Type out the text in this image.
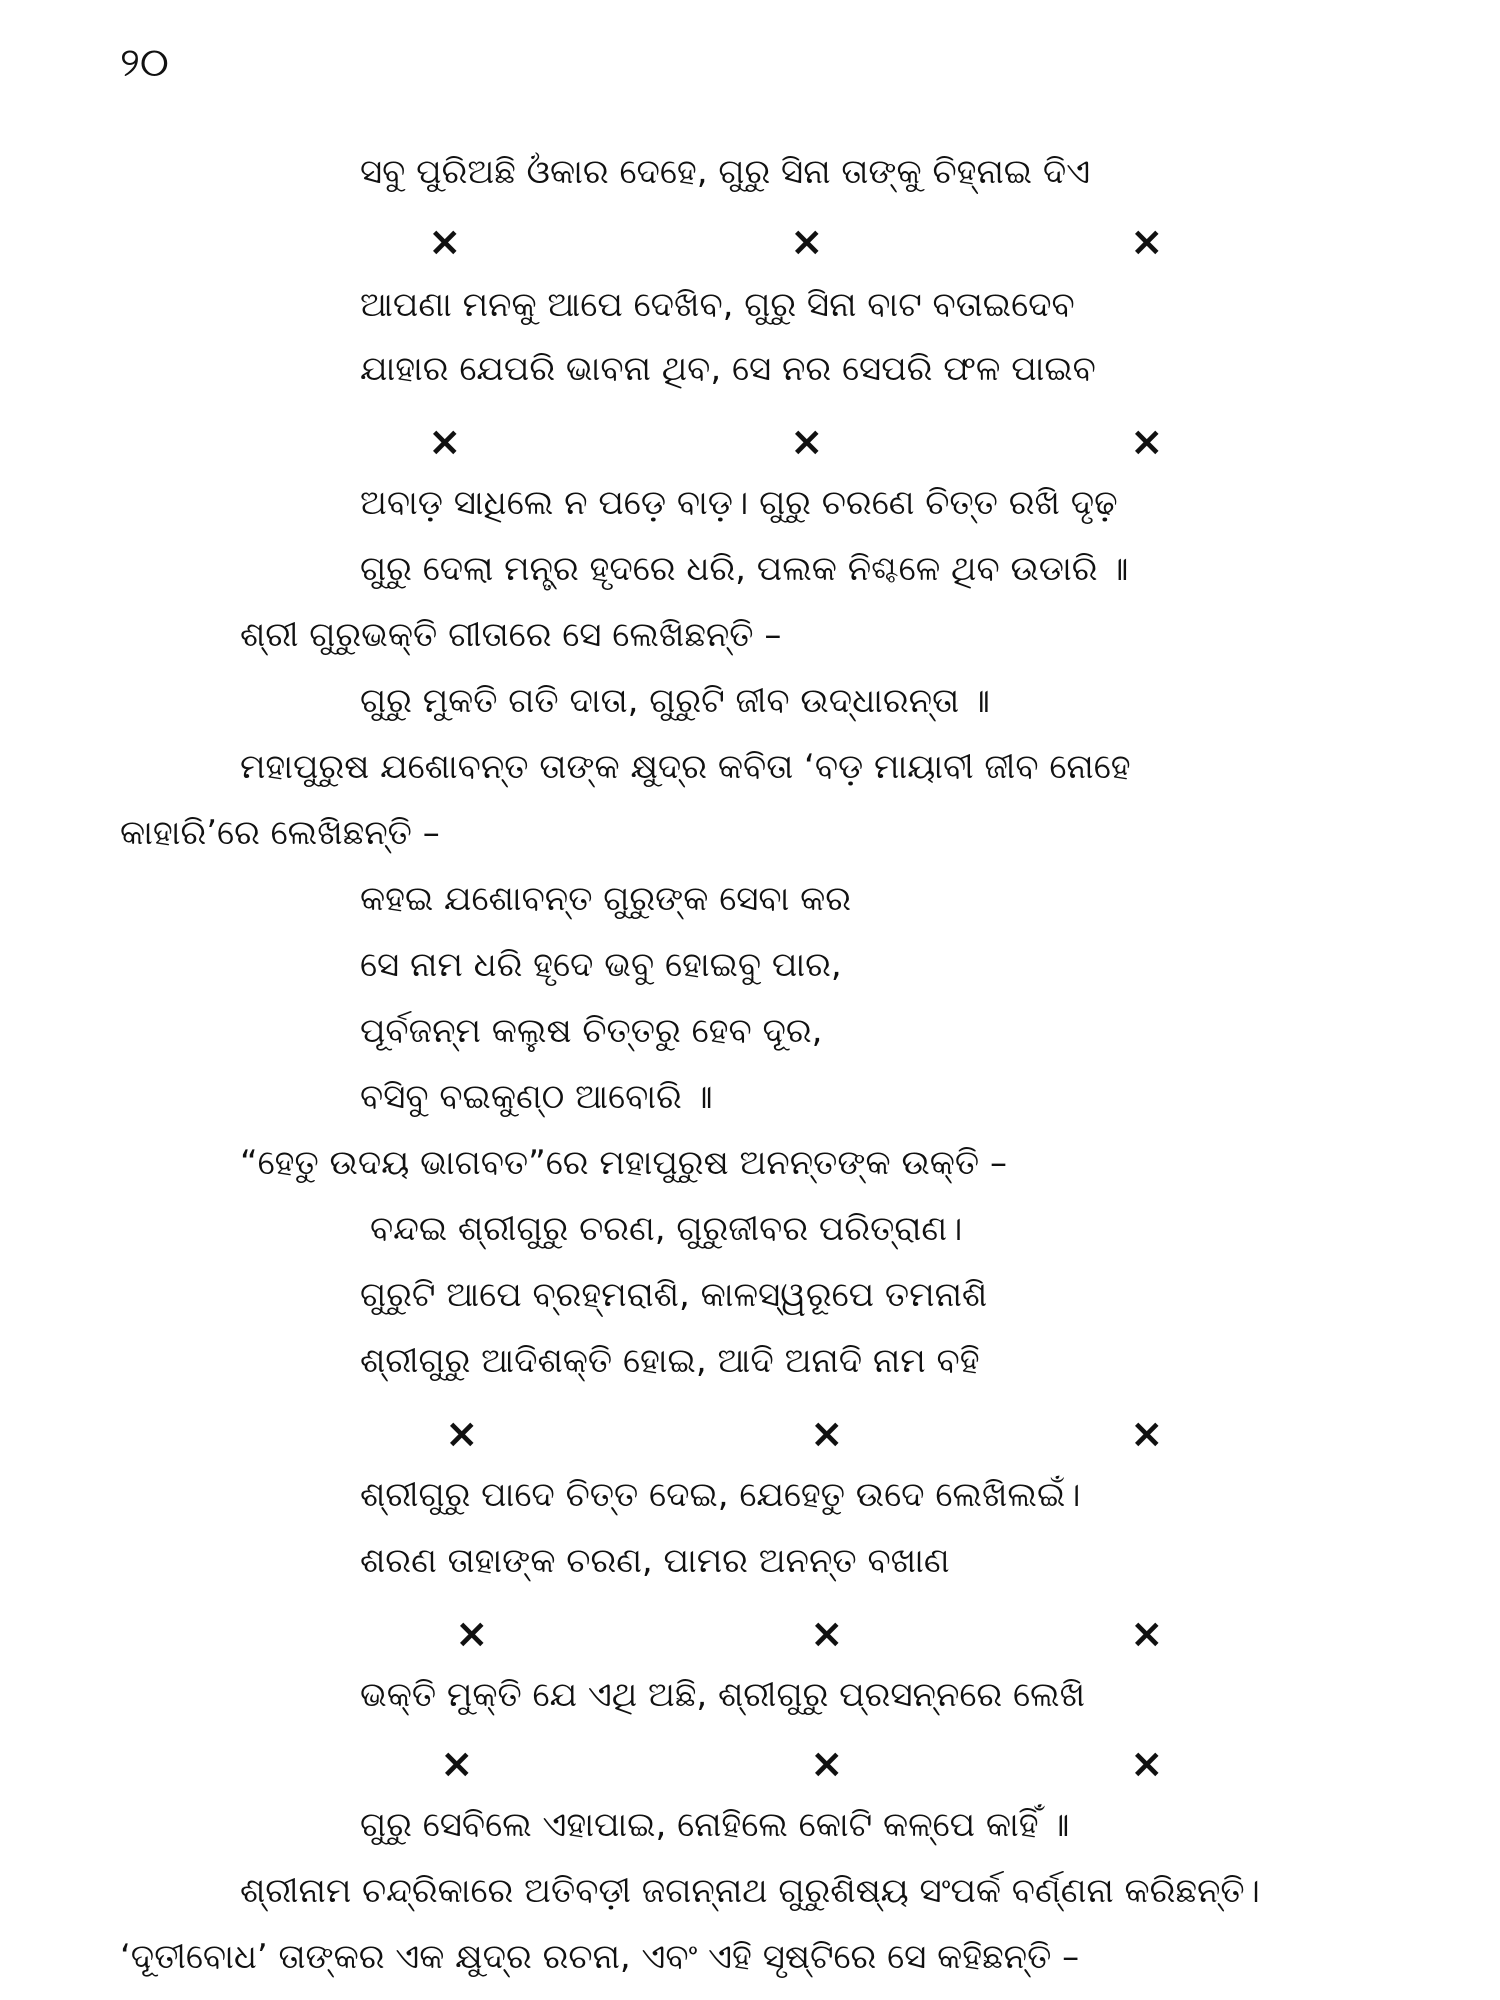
୨୦
ସବୁ ପୁରିଅଛି ଓଁକାର ଦେହେ, ଗୁରୁ ସିନା ତାଙ୍କୁ ଚିହ୍ନାଇ ଦିଏ
×	×	×
ଆପଣା ମନକୁ ଆପେ ଦେଖିବ, ଗୁରୁ ସିନା ବାଟ ବତାଇଦେବ
ଯାହାର ଯେପରି ଭାବନା ଥିବ, ସେ ନର ସେପରି ଫଳ ପାଇବ
×	×	×
ଅବାଡ଼ ସାଧିଲେ ନ ପଡ଼େ ବାଡ଼। ଗୁରୁ ଚରଣେ ଚିତ୍ତ ରଖି ଦୃଢ଼
ଗୁରୁ ଦେଲା ମନ୍ତ୍ର ହୃଦରେ ଧରି, ପଲକ ନିଶ୍ଚଳେ ଥିବ ଉଡାରି ॥
ଶ୍ରୀ ଗୁରୁଭକ୍ତି ଗୀତାରେ ସେ ଲେଖିଛନ୍ତି –
ଗୁରୁ ମୁକତି ଗତି ଦାତା, ଗୁରୁଟି ଜୀବ ଉଦ୍ଧାରନ୍ତା ॥
ମହାପୁରୁଷ ଯଶୋବନ୍ତ ତାଙ୍କ କ୍ଷୁଦ୍ର କବିତା ‘ବଡ଼ ମାୟାବୀ ଜୀବ ନୋହେ
କାହାରି’ରେ ଲେଖିଛନ୍ତି –
କହଇ ଯଶୋବନ୍ତ ଗୁରୁଙ୍କ ସେବା କର
ସେ ନାମ ଧରି ହୃଦେ ଭବୁ ହୋଇବୁ ପାର,
ପୂର୍ବଜନ୍ମ କଲୁଷ ଚିତ୍ତରୁ ହେବ ଦୂର,
ବସିବୁ ବଇକୁଣ୍ଠ ଆବୋରି ॥
“ହେତୁ ଉଦୟ ଭାଗବତ”ରେ ମହାପୁରୁଷ ଅନନ୍ତଙ୍କ ଉକ୍ତି –
ବନ୍ଦଇ ଶ୍ରୀଗୁରୁ ଚରଣ, ଗୁରୁଜୀବର ପରିତ୍ରାଣ।
ଗୁରୁଟି ଆପେ ବ୍ରହ୍ମରାଶି, କାଳସ୍ୱରୂପେ ତମନାଶି
ଶ୍ରୀଗୁରୁ ଆଦିଶକ୍ତି ହୋଇ, ଆଦି ଅନାଦି ନାମ ବହି
×	×	×
ଶ୍ରୀଗୁରୁ ପାଦେ ଚିତ୍ତ ଦେଇ, ଯେହେତୁ ଉଦେ ଲେଖିଲଇଁ।
ଶରଣ ତାହାଙ୍କ ଚରଣ, ପାମର ଅନନ୍ତ ବଖାଣ
×	×	×
ଭକ୍ତି ମୁକ୍ତି ଯେ ଏଥି ଅଛି, ଶ୍ରୀଗୁରୁ ପ୍ରସନ୍ନରେ ଲେଖି
×	×	×
ଗୁରୁ ସେବିଲେ ଏହାପାଇ, ନୋହିଲେ କୋଟି କଳ୍ପେ କାହିଁ ॥
ଶ୍ରୀନାମ ଚନ୍ଦ୍ରିକାରେ ଅତିବଡ଼ୀ ଜଗନ୍ନାଥ ଗୁରୁଶିଷ୍ୟ ସଂପର୍କ ବର୍ଣ୍ଣନା କରିଛନ୍ତି।
‘ଦୂତୀବୋଧ’ ତାଙ୍କର ଏକ କ୍ଷୁଦ୍ର ରଚନା, ଏବଂ ଏହି ସୃଷ୍ଟିରେ ସେ କହିଛନ୍ତି –
